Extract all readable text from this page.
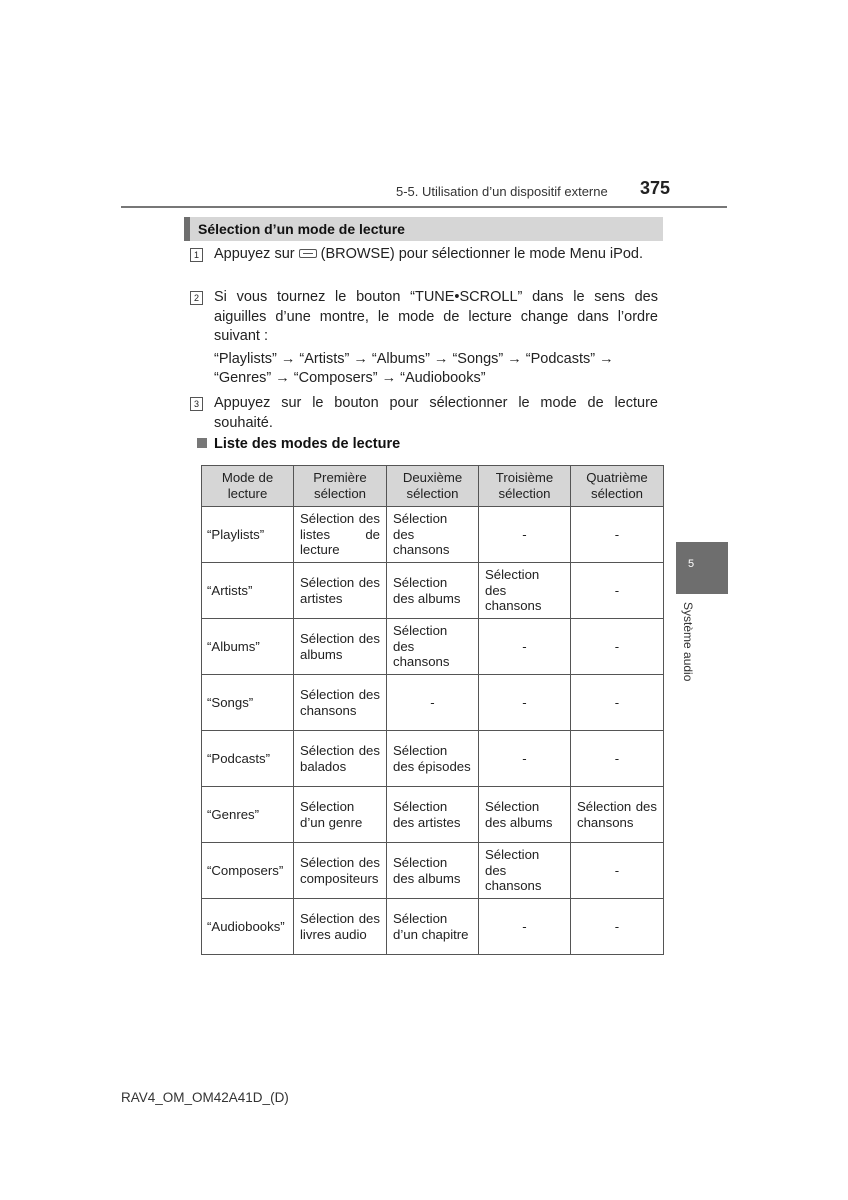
5-5. Utilisation d’un dispositif externe 375
Sélection d’un mode de lecture
1 Appuyez sur (BROWSE) pour sélectionner le mode Menu iPod.
2 Si vous tournez le bouton “TUNE•SCROLL” dans le sens des aiguilles d’une montre, le mode de lecture change dans l’ordre suivant :
“Playlists” → “Artists” → “Albums” → “Songs” → “Podcasts” →
“Genres” → “Composers” → “Audiobooks”
3 Appuyez sur le bouton pour sélectionner le mode de lecture souhaité.
Liste des modes de lecture
Mode de lecture	Première sélection	Deuxième sélection	Troisième sélection	Quatrième sélection
“Playlists”	Sélection des listes de lecture	Sélection des chansons	-	-
“Artists”	Sélection des artistes	Sélection des albums	Sélection des chansons	-
“Albums”	Sélection des albums	Sélection des chansons	-	-
“Songs”	Sélection des chansons	-	-	-
“Podcasts”	Sélection des balados	Sélection des épisodes	-	-
“Genres”	Sélection d’un genre	Sélection des artistes	Sélection des albums	Sélection des chansons
“Composers”	Sélection des compositeurs	Sélection des albums	Sélection des chansons	-
“Audiobooks”	Sélection des livres audio	Sélection d’un chapitre	-	-
5
Système audio
RAV4_OM_OM42A41D_(D)
